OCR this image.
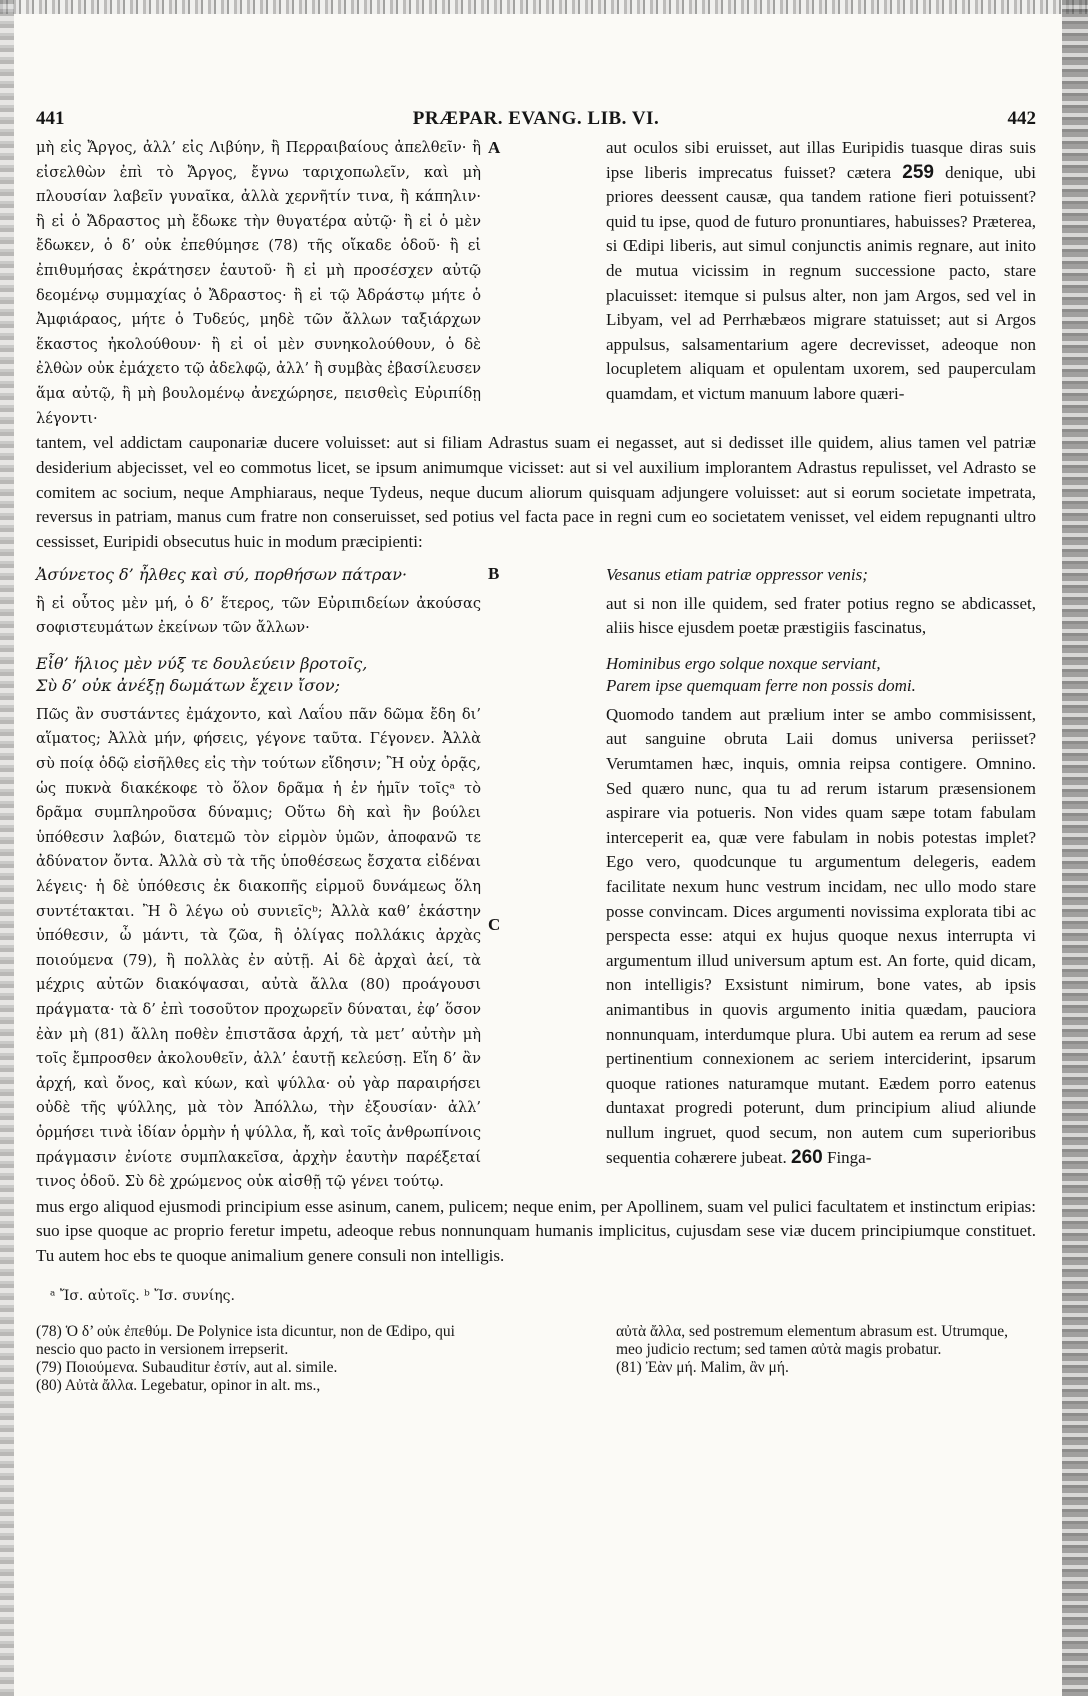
441	PRÆPAR. EVANG. LIB. VI.	442
μὴ εἰς Ἄργος, ἀλλ’ εἰς Λιβύην, ἢ Περραιβαίους ἀπελθεῖν· ἢ εἰσελθὼν ἐπὶ τὸ Ἄργος, ἔγνω ταριχοπωλεῖν, καὶ μὴ πλουσίαν λαβεῖν γυναῖκα, ἀλλὰ χερνῆτίν τινα, ἢ κάπηλιν· ἢ εἰ ὁ Ἄδραστος μὴ ἔδωκε τὴν θυγατέρα αὐτῷ· ἢ εἰ ὁ μὲν ἔδωκεν, ὁ δ’ οὐκ ἐπεθύμησε (78) τῆς οἴκαδε ὁδοῦ· ἢ εἰ ἐπιθυμήσας ἐκράτησεν ἑαυτοῦ· ἢ εἰ μὴ προσέσχεν αὐτῷ δεομένῳ συμμαχίας ὁ Ἄδραστος· ἢ εἰ τῷ Ἀδράστῳ μήτε ὁ Ἀμφιάραος, μήτε ὁ Τυδεύς, μηδὲ τῶν ἄλλων ταξιάρχων ἕκαστος ἠκολούθουν· ἢ εἰ οἱ μὲν συνηκολούθουν, ὁ δὲ ἐλθὼν οὐκ ἐμάχετο τῷ ἀδελφῷ, ἀλλ’ ἢ συμβὰς ἐβασίλευσεν ἅμα αὐτῷ, ἢ μὴ βουλομένῳ ἀνεχώρησε, πεισθεὶς Εὐριπίδῃ λέγοντι·
A	aut oculos sibi eruisset, aut illas Euripidis tuasque diras suis ipse liberis imprecatus fuisset? cætera 259 denique, ubi priores deessent causæ, qua tandem ratione fieri potuissent? quid tu ipse, quod de futuro pronuntiares, habuisses? Præterea, si Œdipi liberis, aut simul conjunctis animis regnare, aut inito de mutua vicissim in regnum successione pacto, stare placuisset: itemque si pulsus alter, non jam Argos, sed vel in Libyam, vel ad Perrhæbæos migrare statuisset; aut si Argos appulsus, salsamentarium agere decrevisset, adeoque non locupletem aliquam et opulentam uxorem, sed pauperculam quamdam, et victum manuum labore quæri-

tantem, vel addictam cauponariæ ducere voluisset: aut si filiam Adrastus suam ei negasset, aut si dedisset ille quidem, alius tamen vel patriæ desiderium abjecisset, vel eo commotus licet, se ipsum animumque vicisset: aut si vel auxilium implorantem Adrastus repulisset, vel Adrasto se comitem ac socium, neque Amphiaraus, neque Tydeus, neque ducum aliorum quisquam adjungere voluisset: aut si eorum societate impetrata, reversus in patriam, manus cum fratre non conseruisset, sed potius vel facta pace in regni cum eo societatem venisset, vel eidem repugnanti ultro cessisset, Euripidi obsecutus huic in modum præcipienti:

Ἀσύνετος δ’ ἦλθες καὶ σύ, πορθήσων πάτραν·	B	Vesanus etiam patriæ oppressor venis;
ἢ εἰ οὗτος μὲν μή, ὁ δ’ ἕτερος, τῶν Εὐριπιδείων ἀκούσας σοφιστευμάτων ἐκείνων τῶν ἄλλων·
aut si non ille quidem, sed frater potius regno se abdicasset, aliis hisce ejusdem poetæ præstigiis fascinatus,
Εἶθ’ ἥλιος μὲν νύξ τε δουλεύειν βροτοῖς,
Σὺ δ’ οὐκ ἀνέξῃ δωμάτων ἔχειν ἴσον;
Hominibus ergo solque noxque serviant,
Parem ipse quemquam ferre non possis domi.
Πῶς ἂν συστάντες ἐμάχοντο, καὶ Λαΐου πᾶν δῶμα ἔδη δι’ αἵματος; Ἀλλὰ μήν, φήσεις, γέγονε ταῦτα. Γέγονεν. Ἀλλὰ σὺ ποίᾳ ὁδῷ εἰσῆλθες εἰς τὴν τούτων εἴδησιν; Ἢ οὐχ ὁρᾷς, ὡς πυκνὰ διακέκοφε τὸ ὅλον δρᾶμα ἡ ἐν ἡμῖν τοῖςᵃ τὸ δρᾶμα συμπληροῦσα δύναμις; Οὕτω δὴ καὶ ἣν βούλει ὑπόθεσιν λαβών, διατεμῶ τὸν εἱρμὸν ὑμῶν, ἀποφανῶ τε ἀδύνατον ὄντα. Ἀλλὰ σὺ τὰ τῆς ὑποθέσεως ἔσχατα εἰδέναι λέγεις· ἡ δὲ ὑπόθεσις ἐκ διακοπῆς εἱρμοῦ δυνάμεως ὅλη συντέτακται. Ἢ ὃ λέγω οὐ συνιεῖςᵇ; Ἀλλὰ καθ’ ἑκάστην ὑπόθεσιν, ὦ μάντι, τὰ ζῶα, ἢ ὀλίγας πολλάκις ἀρχὰς ποιούμενα (79), ἢ πολλὰς ἐν αὐτῇ. Αἱ δὲ ἀρχαὶ ἀεί, τὰ μέχρις αὐτῶν διακόψασαι, αὐτὰ ἄλλα (80) προάγουσι πράγματα· τὰ δ’ ἐπὶ τοσοῦτον προχωρεῖν δύναται, ἐφ’ ὅσον ἐὰν μὴ (81) ἄλλη ποθὲν ἐπιστᾶσα ἀρχή, τὰ μετ’ αὐτὴν μὴ τοῖς ἔμπροσθεν ἀκολουθεῖν, ἀλλ’ ἑαυτῇ κελεύσῃ. Εἴη δ’ ἂν ἀρχή, καὶ ὄνος, καὶ κύων, καὶ ψύλλα· οὐ γὰρ παραιρήσει οὐδὲ τῆς ψύλλης, μὰ τὸν Ἀπόλλω, τὴν ἐξουσίαν· ἀλλ’ ὁρμήσει τινὰ ἰδίαν ὁρμὴν ἡ ψύλλα, ἤ, καὶ τοῖς ἀνθρωπίνοις πράγμασιν ἐνίοτε συμπλακεῖσα, ἀρχὴν ἑαυτὴν παρέξεταί τινος ὁδοῦ. Σὺ δὲ χρώμενος οὐκ αἰσθῇ τῷ γένει τούτῳ.
C
Quomodo tandem aut prælium inter se ambo commisissent, aut sanguine obruta Laii domus universa periisset? Verumtamen hæc, inquis, omnia reipsa contigere. Omnino. Sed quæro nunc, qua tu ad rerum istarum præsensionem aspirare via potueris. Non vides quam sæpe totam fabulam interceperit ea, quæ vere fabulam in nobis potestas implet? Ego vero, quodcunque tu argumentum delegeris, eadem facilitate nexum hunc vestrum incidam, nec ullo modo stare posse convincam. Dices argumenti novissima explorata tibi ac perspecta esse: atqui ex hujus quoque nexus interrupta vi argumentum illud universum aptum est. An forte, quid dicam, non intelligis? Exsistunt nimirum, bone vates, ab ipsis animantibus in quovis argumento initia quædam, pauciora nonnunquam, interdumque plura. Ubi autem ea rerum ad sese pertinentium connexionem ac seriem interciderint, ipsarum quoque rationes naturamque mutant. Eædem porro eatenus duntaxat progredi poterunt, dum principium aliud aliunde nullum ingruet, quod secum, non autem cum superioribus sequentia cohærere jubeat. 260 Finga-

mus ergo aliquod ejusmodi principium esse asinum, canem, pulicem; neque enim, per Apollinem, suam vel pulici facultatem et instinctum eripias: suo ipse quoque ac proprio feretur impetu, adeoque rebus nonnunquam humanis implicitus, cujusdam sese viæ ducem principiumque constituet. Tu autem hoc ebs te quoque animalium genere consuli non intelligis.

ᵃ Ἴσ. αὐτοῖς. ᵇ Ἴσ. συνίης.
(78) Ὁ δ’ οὐκ ἐπεθύμ. De Polynice ista dicuntur, non de Œdipo, qui nescio quo pacto in versionem irrepserit.
(79) Ποιούμενα. Subauditur ἐστίν, aut al. simile.
(80) Αὐτὰ ἄλλα. Legebatur, opinor in alt. ms.,
αὐτὰ ἄλλα, sed postremum elementum abrasum est. Utrumque, meo judicio rectum; sed tamen αὐτὰ magis probatur.
(81) Ἐὰν μή. Malim, ἂν μή.
